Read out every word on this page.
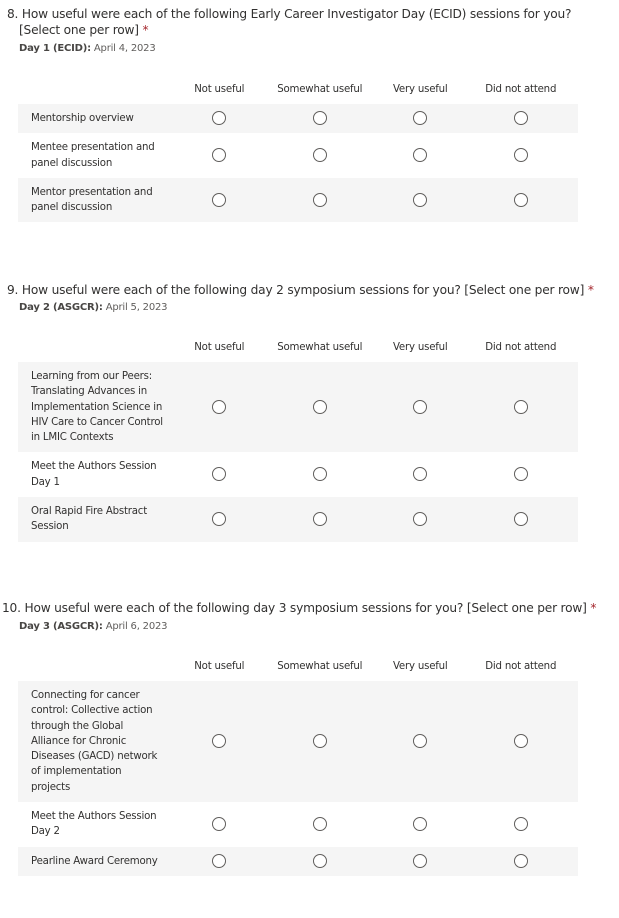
8. How useful were each of the following Early Career Investigator Day (ECID) sessions for you?
[Select one per row] *
Day 1 (ECID): April 4, 2023
	Not useful	Somewhat useful	Very useful	Did not attend	
Mentorship overview					
Mentee presentation and panel discussion					
Mentor presentation and panel discussion					
9. How useful were each of the following day 2 symposium sessions for you? [Select one per row] *
Day 2 (ASGCR): April 5, 2023
	Not useful	Somewhat useful	Very useful	Did not attend	
Learning from our Peers: Translating Advances in Implementation Science in HIV Care to Cancer Control in LMIC Contexts					
Meet the Authors Session Day 1					
Oral Rapid Fire Abstract Session					
10. How useful were each of the following day 3 symposium sessions for you? [Select one per row] *
Day 3 (ASGCR): April 6, 2023
	Not useful	Somewhat useful	Very useful	Did not attend	
Connecting for cancer control: Collective action through the Global Alliance for Chronic Diseases (GACD) network of implementation projects					
Meet the Authors Session Day 2					
Pearline Award Ceremony					
